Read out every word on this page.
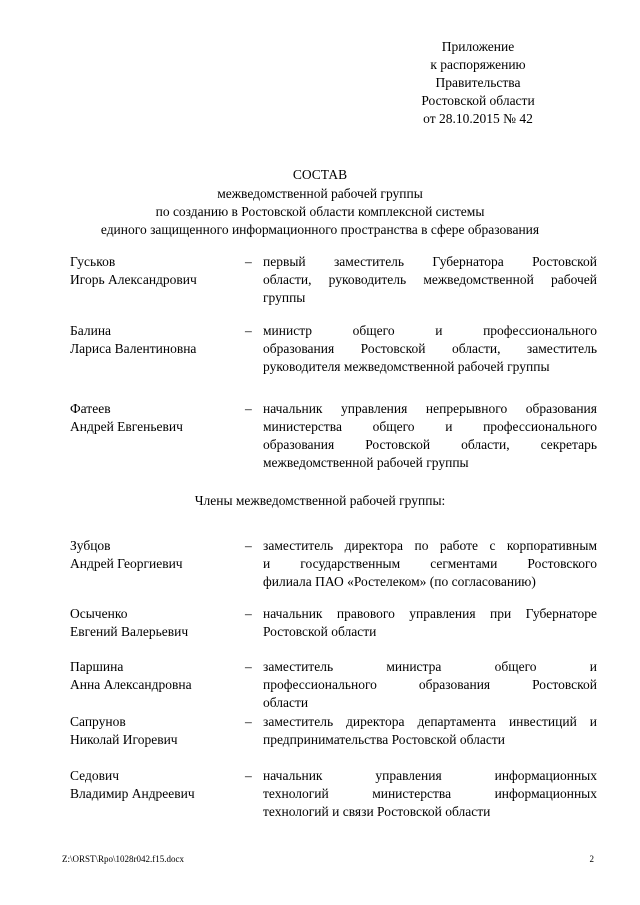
Приложение
к распоряжению
Правительства
Ростовской области
от 28.10.2015 № 42
СОСТАВ
межведомственной рабочей группы
по созданию в Ростовской области комплексной системы
единого защищенного информационного пространства в сфере образования
Гуськов
Игорь Александрович
– первый заместитель Губернатора Ростовской
области, руководитель межведомственной рабочей
группы
Балина
Лариса Валентиновна
– министр общего и профессионального
образования Ростовской области, заместитель
руководителя межведомственной рабочей группы
Фатеев
Андрей Евгеньевич
– начальник управления непрерывного образования
министерства общего и профессионального
образования Ростовской области, секретарь
межведомственной рабочей группы
Члены межведомственной рабочей группы:
Зубцов
Андрей Георгиевич
– заместитель директора по работе с корпоративным
и государственным сегментами Ростовского
филиала ПАО «Ростелеком» (по согласованию)
Осыченко
Евгений Валерьевич
– начальник правового управления при Губернаторе
Ростовской области
Паршина
Анна Александровна
– заместитель министра общего и
профессионального образования Ростовской
области
Сапрунов
Николай Игоревич
– заместитель директора департамента инвестиций и
предпринимательства Ростовской области
Седович
Владимир Андреевич
– начальник управления информационных
технологий министерства информационных
технологий и связи Ростовской области
Z:\ORST\Rpo\1028r042.f15.docx	2
